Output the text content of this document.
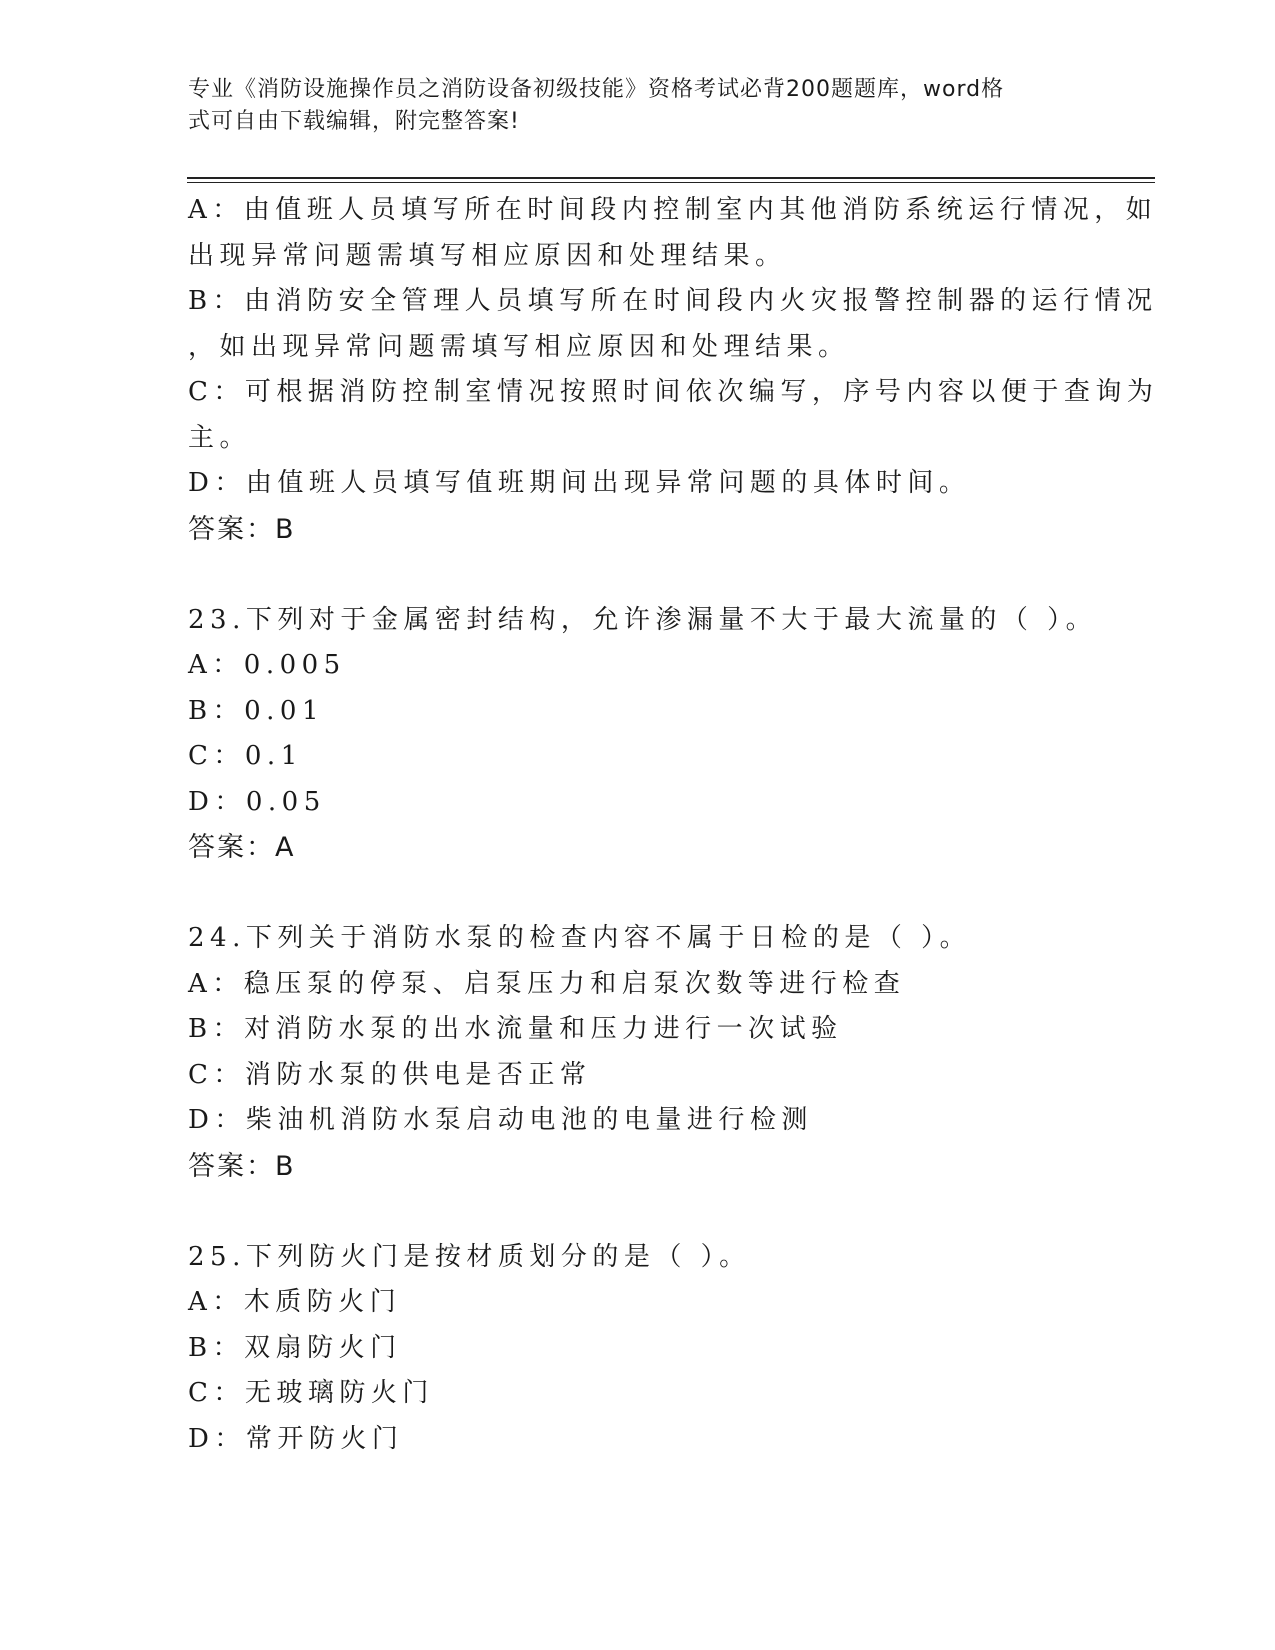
专业《消防设施操作员之消防设备初级技能》资格考试必背200题题库，word格
式可自由下载编辑，附完整答案!
A：由值班人员填写所在时间段内控制室内其他消防系统运行情况，如
出现异常问题需填写相应原因和处理结果。
B：由消防安全管理人员填写所在时间段内火灾报警控制器的运行情况
，如出现异常问题需填写相应原因和处理结果。
C：可根据消防控制室情况按照时间依次编写，序号内容以便于查询为
主。
D：由值班人员填写值班期间出现异常问题的具体时间。
答案：B
23.下列对于金属密封结构，允许渗漏量不大于最大流量的（ ）。
A：0.005
B：0.01
C：0.1
D：0.05
答案：A
24.下列关于消防水泵的检查内容不属于日检的是（ ）。
A：稳压泵的停泵、启泵压力和启泵次数等进行检查
B：对消防水泵的出水流量和压力进行一次试验
C：消防水泵的供电是否正常
D：柴油机消防水泵启动电池的电量进行检测
答案：B
25.下列防火门是按材质划分的是（ ）。
A：木质防火门
B：双扇防火门
C：无玻璃防火门
D：常开防火门
